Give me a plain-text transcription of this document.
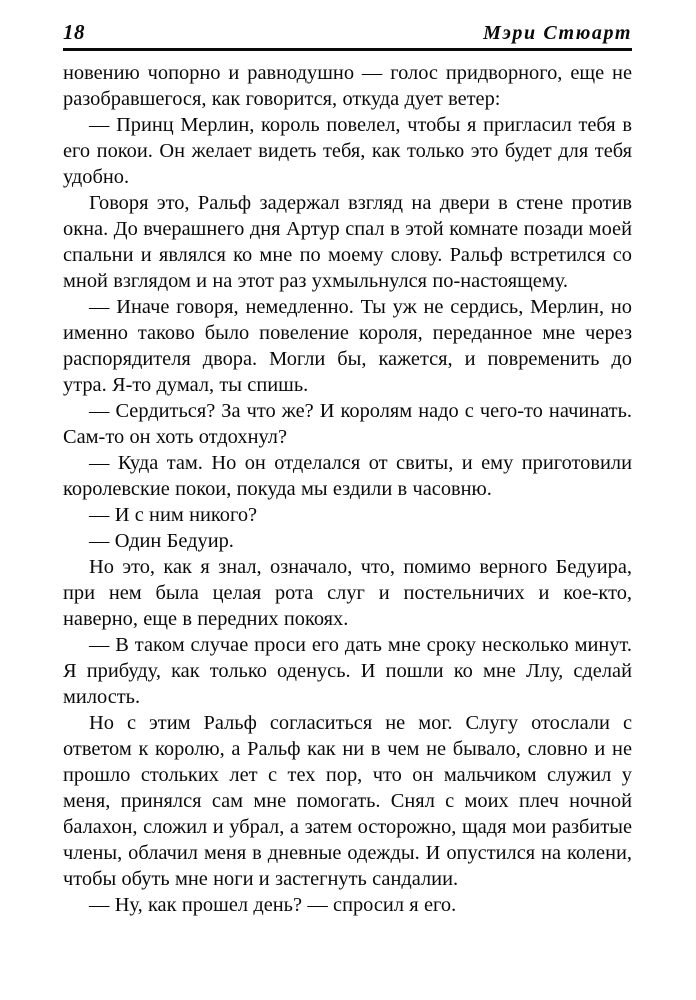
18	Мэри Стюарт

новению чопорно и равнодушно — голос придворного, еще не разобравшегося, как говорится, откуда дует ветер:

— Принц Мерлин, король повелел, чтобы я пригласил тебя в его покои. Он желает видеть тебя, как только это будет для тебя удобно.

Говоря это, Ральф задержал взгляд на двери в стене против окна. До вчерашнего дня Артур спал в этой комнате позади моей спальни и являлся ко мне по моему слову. Ральф встретился со мной взглядом и на этот раз ухмыльнулся по-настоящему.

— Иначе говоря, немедленно. Ты уж не сердись, Мерлин, но именно таково было повеление короля, переданное мне через распорядителя двора. Могли бы, кажется, и повременить до утра. Я-то думал, ты спишь.

— Сердиться? За что же? И королям надо с чего-то начинать. Сам-то он хоть отдохнул?

— Куда там. Но он отделался от свиты, и ему приготовили королевские покои, покуда мы ездили в часовню.

— И с ним никого?

— Один Бедуир.

Но это, как я знал, означало, что, помимо верного Бедуира, при нем была целая рота слуг и постельничих и кое-кто, наверно, еще в передних покоях.

— В таком случае проси его дать мне сроку несколько минут. Я прибуду, как только оденусь. И пошли ко мне Ллу, сделай милость.

Но с этим Ральф согласиться не мог. Слугу отослали с ответом к королю, а Ральф как ни в чем не бывало, словно и не прошло стольких лет с тех пор, что он мальчиком служил у меня, принялся сам мне помогать. Снял с моих плеч ночной балахон, сложил и убрал, а затем осторожно, щадя мои разбитые члены, облачил меня в дневные одежды. И опустился на колени, чтобы обуть мне ноги и застегнуть сандалии.

— Ну, как прошел день? — спросил я его.
